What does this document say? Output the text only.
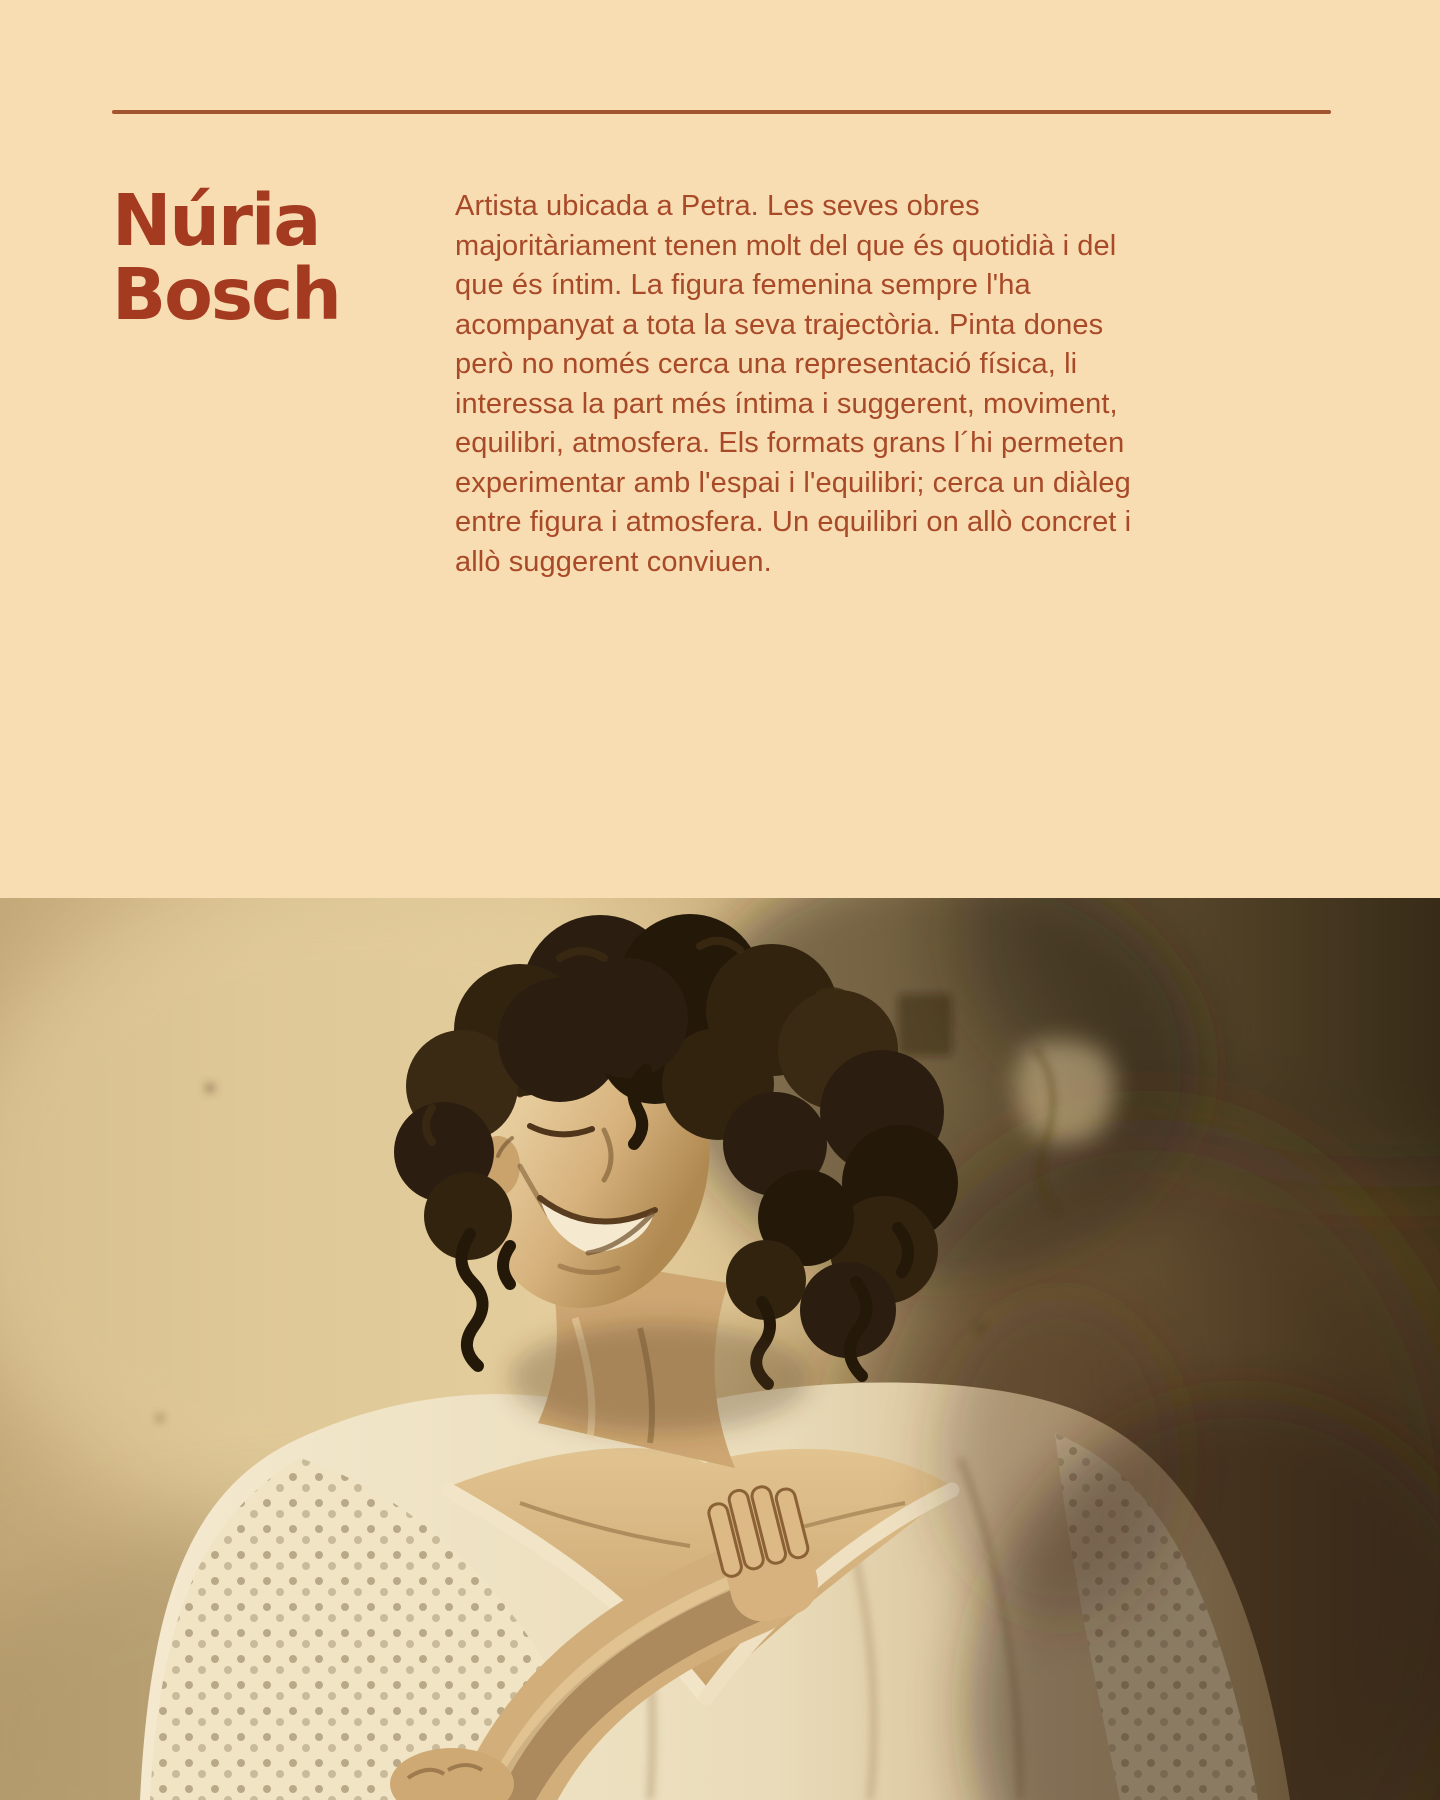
Núria Bosch

Artista ubicada a Petra. Les seves obres majoritàriament tenen molt del que és quotidià i del que és íntim. La figura femenina sempre l'ha acompanyat a tota la seva trajectòria. Pinta dones però no només cerca una representació física, li interessa la part més íntima i suggerent, moviment, equilibri, atmosfera. Els formats grans l´hi permeten experimentar amb l'espai i l'equilibri; cerca un diàleg entre figura i atmosfera. Un equilibri on allò concret i allò suggerent conviuen.
